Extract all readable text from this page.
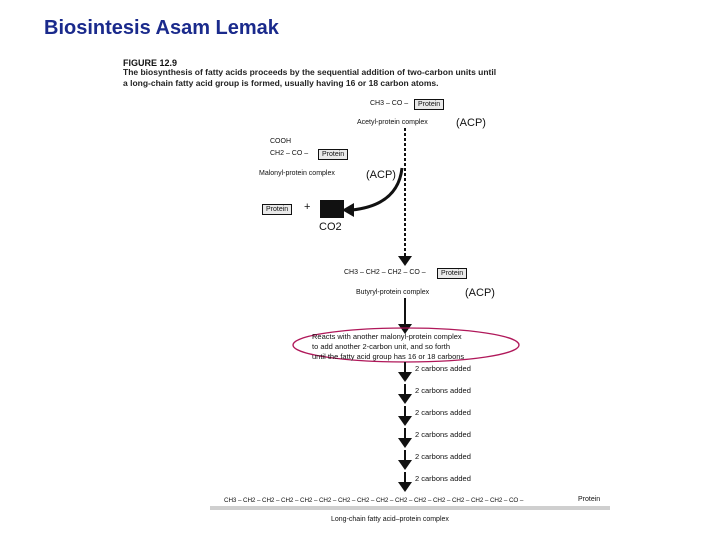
Biosintesis Asam Lemak
FIGURE 12.9
The biosynthesis of fatty acids proceeds by the sequential addition of two-carbon units until
a long-chain fatty acid group is formed, usually having 16 or 18 carbon atoms.
CH3 – CO –	Protein
Acetyl-protein complex	(ACP)
COOH
CH2 – CO –	Protein
Malonyl-protein complex	(ACP)
Protein	+
CO2
CH3 – CH2 – CH2 – CO –	Protein
Butyryl-protein complex	(ACP)
Reacts with another malonyl-protein complex
to add another 2-carbon unit, and so forth
until the fatty acid group has 16 or 18 carbons
2 carbons added
2 carbons added
2 carbons added
2 carbons added
2 carbons added
2 carbons added
CH3 – CH2 – CH2 – CH2 – CH2 – CH2 – CH2 – CH2 – CH2 – CH2 – CH2 – CH2 – CH2 – CH2 – CH2 – CO –	Protein
Long-chain fatty acid–protein complex
